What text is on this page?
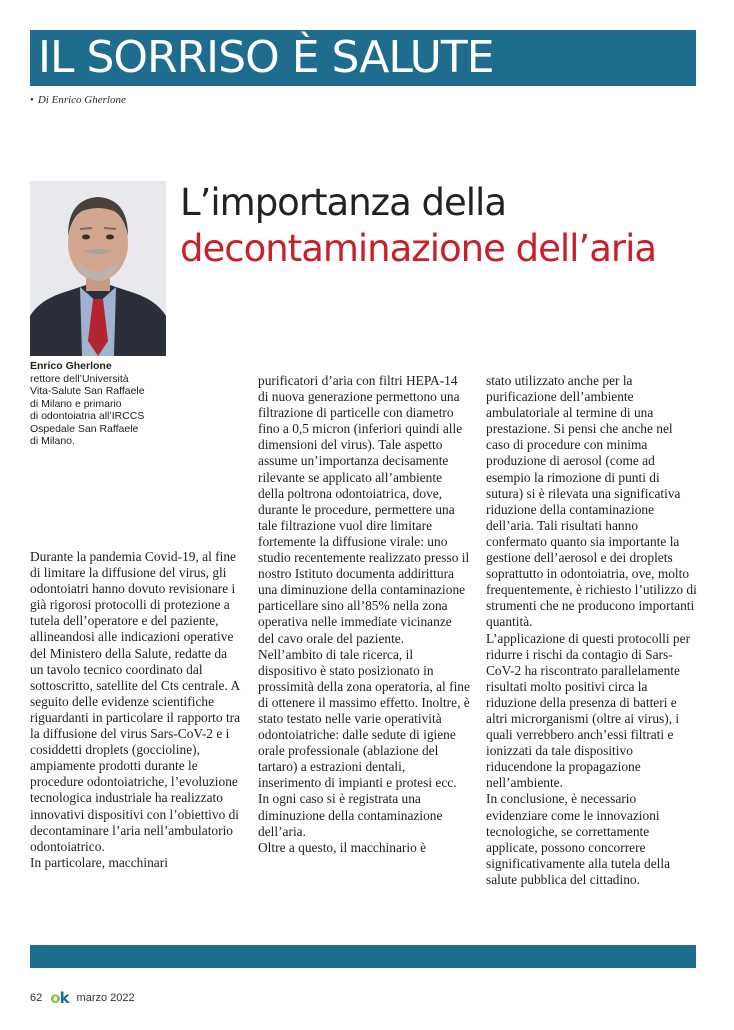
IL SORRISO È SALUTE
• Di Enrico Gherlone
L’importanza della
decontaminazione dell’aria
Enrico Gherlone
rettore dell’Università
Vita-Salute San Raffaele
di Milano e primario
di odontoiatria all’IRCCS
Ospedale San Raffaele
di Milano.

Durante la pandemia Covid-19, al fine di limitare la diffusione del virus, gli odontoiatri hanno dovuto revisionare i già rigorosi protocolli di protezione a tutela dell’operatore e del paziente, allineandosi alle indicazioni operative del Ministero della Salute, redatte da un tavolo tecnico coordinato dal sottoscritto, satellite del Cts centrale. A seguito delle evidenze scientifiche riguardanti in particolare il rapporto tra la diffusione del virus Sars-CoV-2 e i cosiddetti droplets (goccioline), ampiamente prodotti durante le procedure odontoiatriche, l’evoluzione tecnologica industriale ha realizzato innovativi dispositivi con l’obiettivo di decontaminare l’aria nell’ambulatorio odontoiatrico.

In particolare, macchinari

purificatori d’aria con filtri HEPA-14 di nuova generazione permettono una filtrazione di particelle con diametro fino a 0,5 micron (inferiori quindi alle dimensioni del virus). Tale aspetto assume un’importanza decisamente rilevante se applicato all’ambiente della poltrona odontoiatrica, dove, durante le procedure, permettere una tale filtrazione vuol dire limitare fortemente la diffusione virale: uno studio recentemente realizzato presso il nostro Istituto documenta addirittura una diminuzione della contaminazione particellare sino all’85% nella zona operativa nelle immediate vicinanze del cavo orale del paziente. Nell’ambito di tale ricerca, il dispositivo è stato posizionato in prossimità della zona operatoria, al fine di ottenere il massimo effetto. Inoltre, è stato testato nelle varie operatività odontoiatriche: dalle sedute di igiene orale professionale (ablazione del tartaro) a estrazioni dentali, inserimento di impianti e protesi ecc. In ogni caso si è registrata una diminuzione della contaminazione dell’aria.

Oltre a questo, il macchinario è

stato utilizzato anche per la purificazione dell’ambiente ambulatoriale al termine di una prestazione. Si pensi che anche nel caso di procedure con minima produzione di aerosol (come ad esempio la rimozione di punti di sutura) si è rilevata una significativa riduzione della contaminazione dell’aria. Tali risultati hanno confermato quanto sia importante la gestione dell’aerosol e dei droplets soprattutto in odontoiatria, ove, molto frequentemente, è richiesto l’utilizzo di strumenti che ne producono importanti quantità.

L’applicazione di questi protocolli per ridurre i rischi da contagio di Sars-CoV-2 ha riscontrato parallelamente risultati molto positivi circa la riduzione della presenza di batteri e altri microrganismi (oltre ai virus), i quali verrebbero anch’essi filtrati e ionizzati da tale dispositivo riducendone la propagazione nell’ambiente.

In conclusione, è necessario evidenziare come le innovazioni tecnologiche, se correttamente applicate, possono concorrere significativamente alla tutela della salute pubblica del cittadino.

62 ok marzo 2022
